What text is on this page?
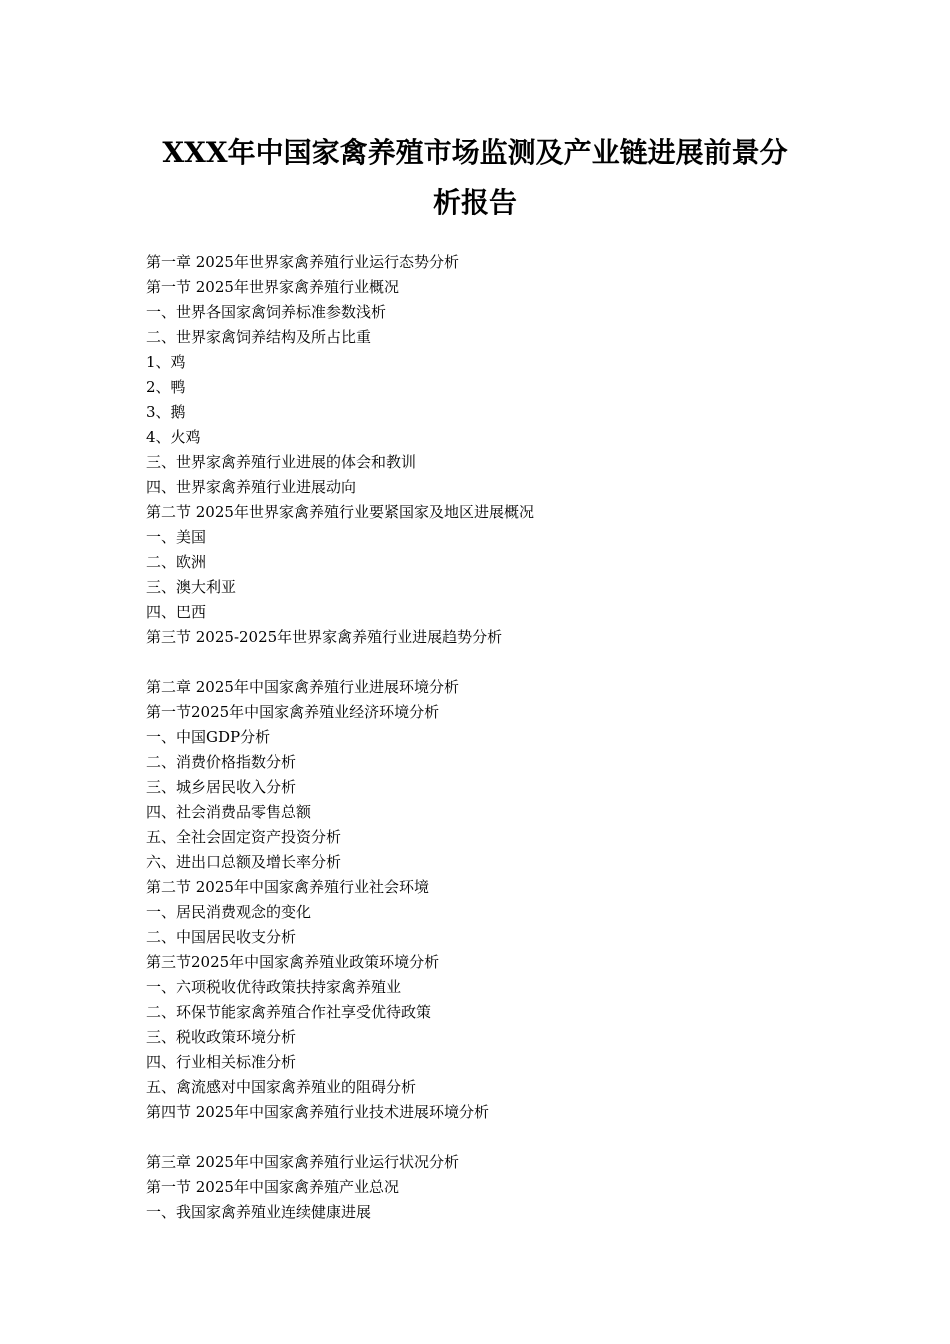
XXX年中国家禽养殖市场监测及产业链进展前景分
析报告
第一章 2025年世界家禽养殖行业运行态势分析
第一节 2025年世界家禽养殖行业概况
一、世界各国家禽饲养标准参数浅析
二、世界家禽饲养结构及所占比重
1、鸡
2、鸭
3、鹅
4、火鸡
三、世界家禽养殖行业进展的体会和教训
四、世界家禽养殖行业进展动向
第二节 2025年世界家禽养殖行业要紧国家及地区进展概况
一、美国
二、欧洲
三、澳大利亚
四、巴西
第三节 2025-2025年世界家禽养殖行业进展趋势分析
第二章 2025年中国家禽养殖行业进展环境分析
第一节2025年中国家禽养殖业经济环境分析
一、中国GDP分析
二、消费价格指数分析
三、城乡居民收入分析
四、社会消费品零售总额
五、全社会固定资产投资分析
六、进出口总额及增长率分析
第二节 2025年中国家禽养殖行业社会环境
一、居民消费观念的变化
二、中国居民收支分析
第三节2025年中国家禽养殖业政策环境分析
一、六项税收优待政策扶持家禽养殖业
二、环保节能家禽养殖合作社享受优待政策
三、税收政策环境分析
四、行业相关标准分析
五、禽流感对中国家禽养殖业的阻碍分析
第四节 2025年中国家禽养殖行业技术进展环境分析
第三章 2025年中国家禽养殖行业运行状况分析
第一节 2025年中国家禽养殖产业总况
一、我国家禽养殖业连续健康进展
